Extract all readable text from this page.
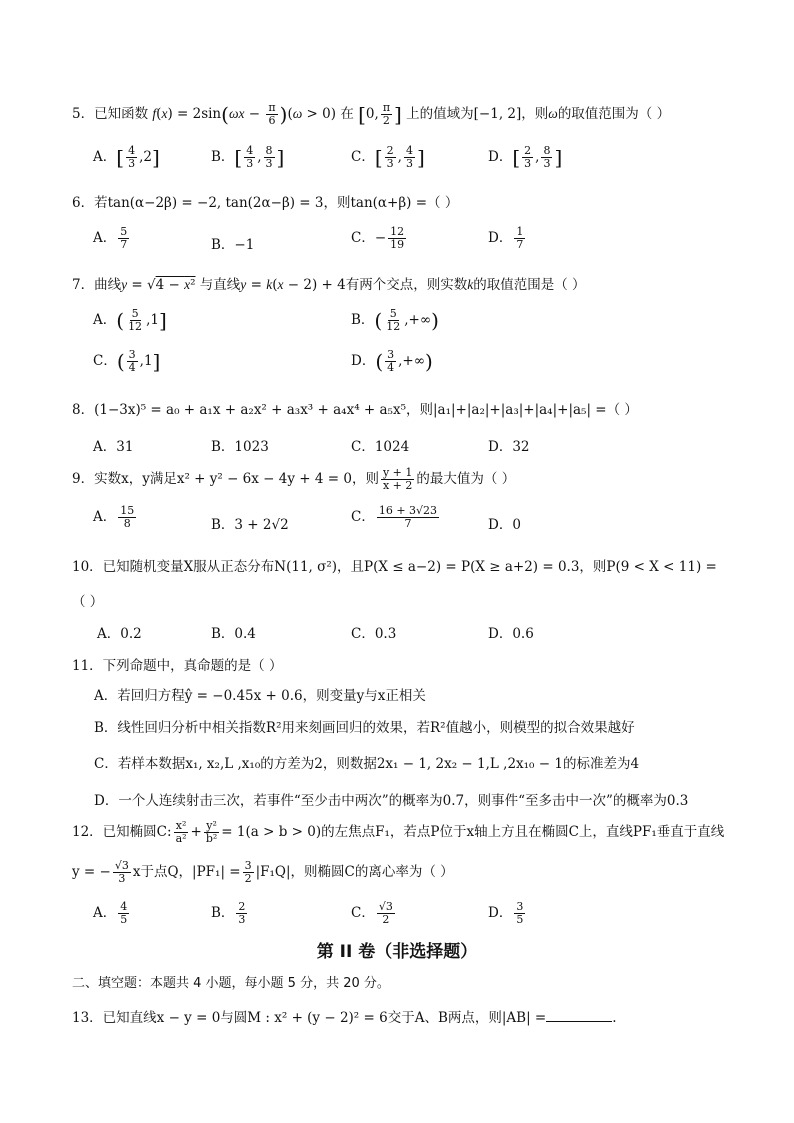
5．已知函数 $f(x) = 2\sin(\omega x - \frac{\pi}{6} )(\omega > 0)$ 在 [0, $\frac{\pi}{2}$ ] 上的值域为[−1, 2]，则ω的取值范围为（ ）
A．[ $\frac{4}{3} ,2$]	B．[ $\frac{4}{3}$ , $\frac{8}{3}$ ]	C．[ $\frac{2}{3}$ , $\frac{4}{3}$ ]	D．[ $\frac{2}{3}$ , $\frac{8}{3}$ ]
6．若tan(α−2β) = −2, tan(2α−β) = 3，则tan(α+β) =（ ）
A． $\frac{5}{7}$	B．−1	C．− $\frac{12}{19}$	D． $\frac{1}{7}$
7．曲线y = √4 − x² 与直线y = k(x − 2) + 4有两个交点，则实数k的取值范围是（ ）
A．( $\frac{5}{12} ,1$]	B．( $\frac{5}{12}$ ,+∞)
C．( $\frac{3}{4} ,1$]	D．( $\frac{3}{4}$ ,+∞)
8．(1−3x)⁵ = a₀ + a₁x + a₂x² + a₃x³ + a₄x⁴ + a₅x⁵，则|a₁|+|a₂|+|a₃|+|a₄|+|a₅| =（ ）
A．31	B．1023	C．1024	D．32
9．实数x，y满足x² + y² − 6x − 4y + 4 = 0，则 $\frac{y + 1}{x + 2}$ 的最大值为（ ）
A． $\frac{15}{8}$	B．3 + 2√2	C． $\frac{16 + 3√23}{7}$	D．0
10．已知随机变量X服从正态分布N(11, σ²)，且P(X ≤ a−2) = P(X ≥ a+2) = 0.3，则P(9 < X < 11) =
（ ）
A．0.2	B．0.4	C．0.3	D．0.6
11．下列命题中，真命题的是（ ）
A．若回归方程ŷ = −0.45x + 0.6，则变量y与x正相关
B．线性回归分析中相关指数R²用来刻画回归的效果，若R²值越小，则模型的拟合效果越好
C．若样本数据x₁, x₂,L ,x₁₀的方差为2，则数据2x₁ − 1, 2x₂ − 1,L ,2x₁₀ − 1的标准差为4
D．一个人连续射击三次，若事件“至少击中两次”的概率为0.7，则事件“至多击中一次”的概率为0.3
12．已知椭圆C: $\frac{\text{x²}}{\text{a²}} + \frac{\text{y²}}{\text{b²}} = 1(a > b > 0)$的左焦点F₁，若点P位于x轴上方且在椭圆C上，直线PF₁垂直于直线
y = − $\frac{√3}{3}$ x于点Q，$|PF_1| = \frac{3}{2} |F_1Q|$，则椭圆C的离心率为（ ）
A． $\frac{4}{5}$	B． $\frac{2}{3}$	C． $\frac{√3}{2}$	D． $\frac{3}{5}$
第 II 卷（非选择题）
二、填空题：本题共 4 小题，每小题 5 分，共 20 分。
13．已知直线x − y = 0与圆M : x² + (y − 2)² = 6交于A、B两点，则|AB| =	.
